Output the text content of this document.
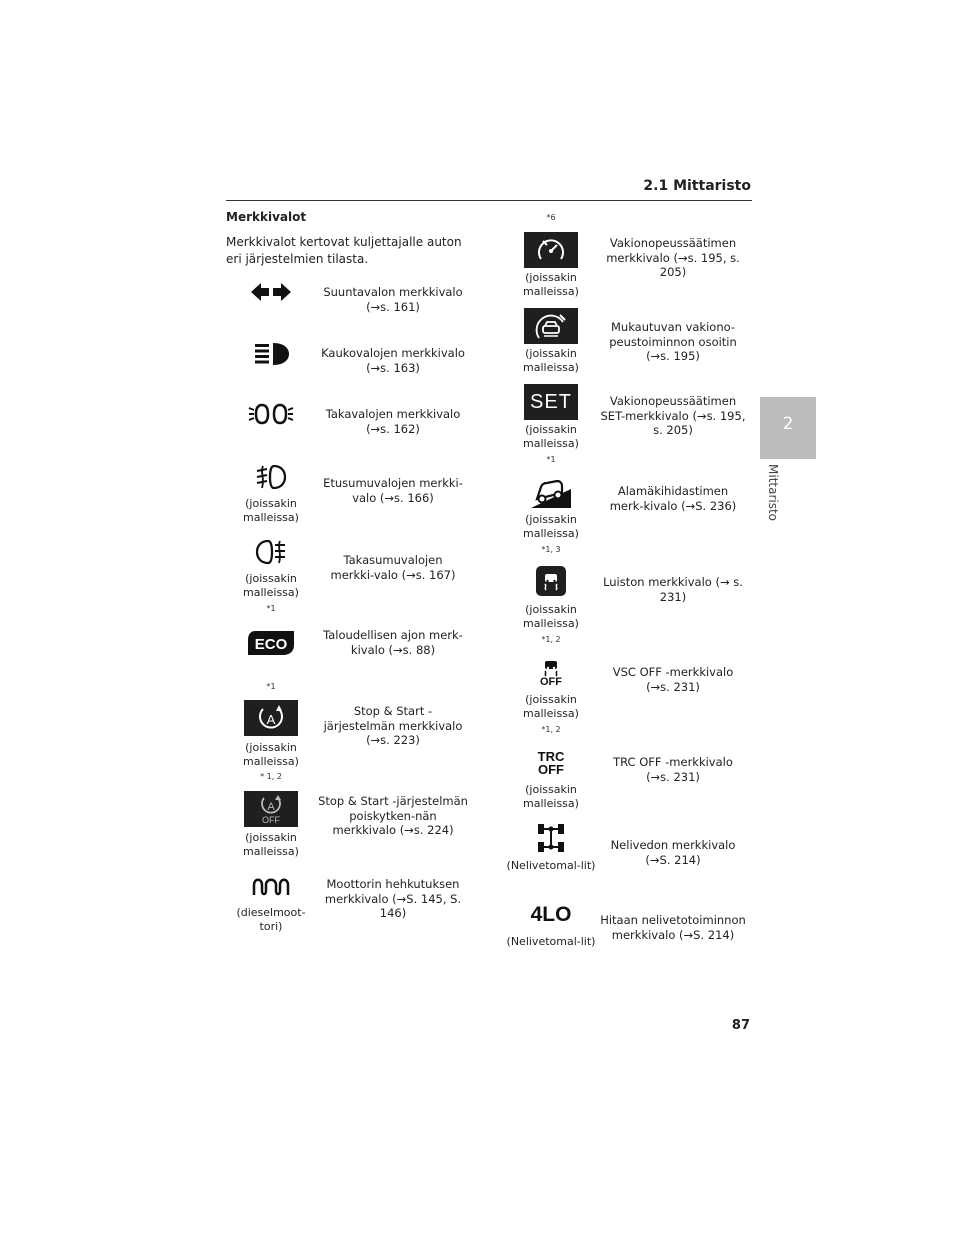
2.1 Mittaristo
2
Mittaristo
Merkkivalot
Merkkivalot kertovat kuljettajalle auton eri järjestelmien tilasta.
Suuntavalon merkkivalo (→s. 161)
Kaukovalojen merkkivalo (→s. 163)
Takavalojen merkkivalo (→s. 162)
(joissakin malleissa)
Etusumuvalojen merkki-valo (→s. 166)
(joissakin malleissa)
*1
Takasumuvalojen merkki-valo (→s. 167)
ECO
Taloudellisen ajon merk-kivalo (→s. 88)
*1
A
(joissakin malleissa)
* 1, 2
Stop & Start -järjestelmän merkkivalo (→s. 223)
A
OFF
(joissakin malleissa)
Stop & Start -järjestelmän poiskytken-nän merkkivalo (→s. 224)
(dieselmoot-tori)
Moottorin hehkutuksen merkkivalo (→S. 145, S. 146)
*6
(joissakin malleissa)
Vakionopeussäätimen merkkivalo (→s. 195, s. 205)
(joissakin malleissa)
Mukautuvan vakiono-peustoiminnon osoitin (→s. 195)
SET
(joissakin malleissa)
*1
Vakionopeussäätimen SET-merkkivalo (→s. 195, s. 205)
(joissakin malleissa)
*1, 3
Alamäkihidastimen merk-kivalo (→S. 236)
(joissakin malleissa)
*1, 2
Luiston merkkivalo (→ s. 231)
OFF
(joissakin malleissa)
*1, 2
VSC OFF -merkkivalo (→s. 231)
TRC
OFF
(joissakin malleissa)
TRC OFF -merkkivalo (→s. 231)
(Nelivetomal-lit)
Nelivedon merkkivalo (→S. 214)
4LO
(Nelivetomal-lit)
Hitaan nelivetotoiminnon merkkivalo (→S. 214)
87
